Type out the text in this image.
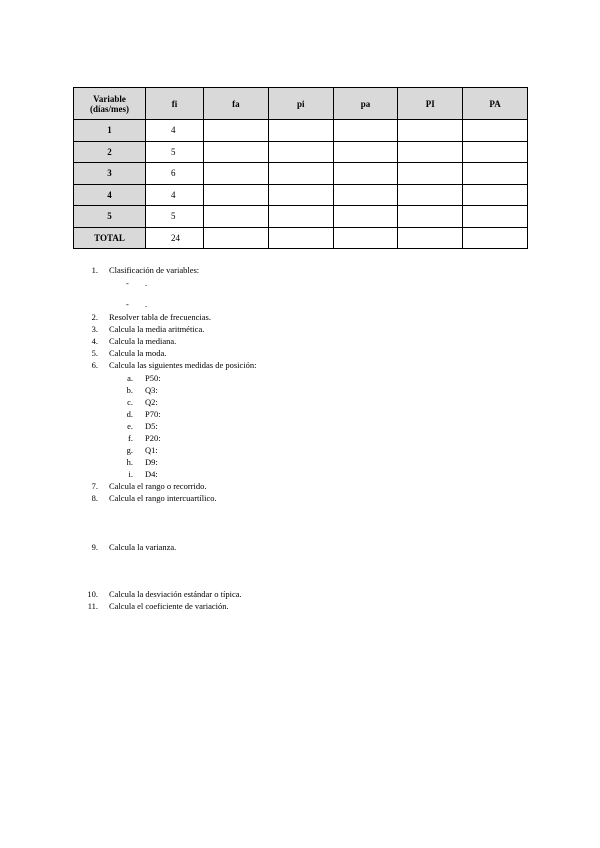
Variable
(días/mes)	fi	fa	pi	pa	PI	PA
1	4					
2	5					
3	6					
4	4					
5	5					
TOTAL	24					
1. Clasificación de variables:
- .
- .
2. Resolver tabla de frecuencias.
3. Calcula la media aritmética.
4. Calcula la mediana.
5. Calcula la moda.
6. Calcula las siguientes medidas de posición:
a. P50:
b. Q3:
c. Q2:
d. P70:
e. D5:
f. P20:
g. Q1:
h. D9:
i. D4:
7. Calcula el rango o recorrido.
8. Calcula el rango intercuartílico.
9. Calcula la varianza.
10. Calcula la desviación estándar o típica.
11. Calcula el coeficiente de variación.
